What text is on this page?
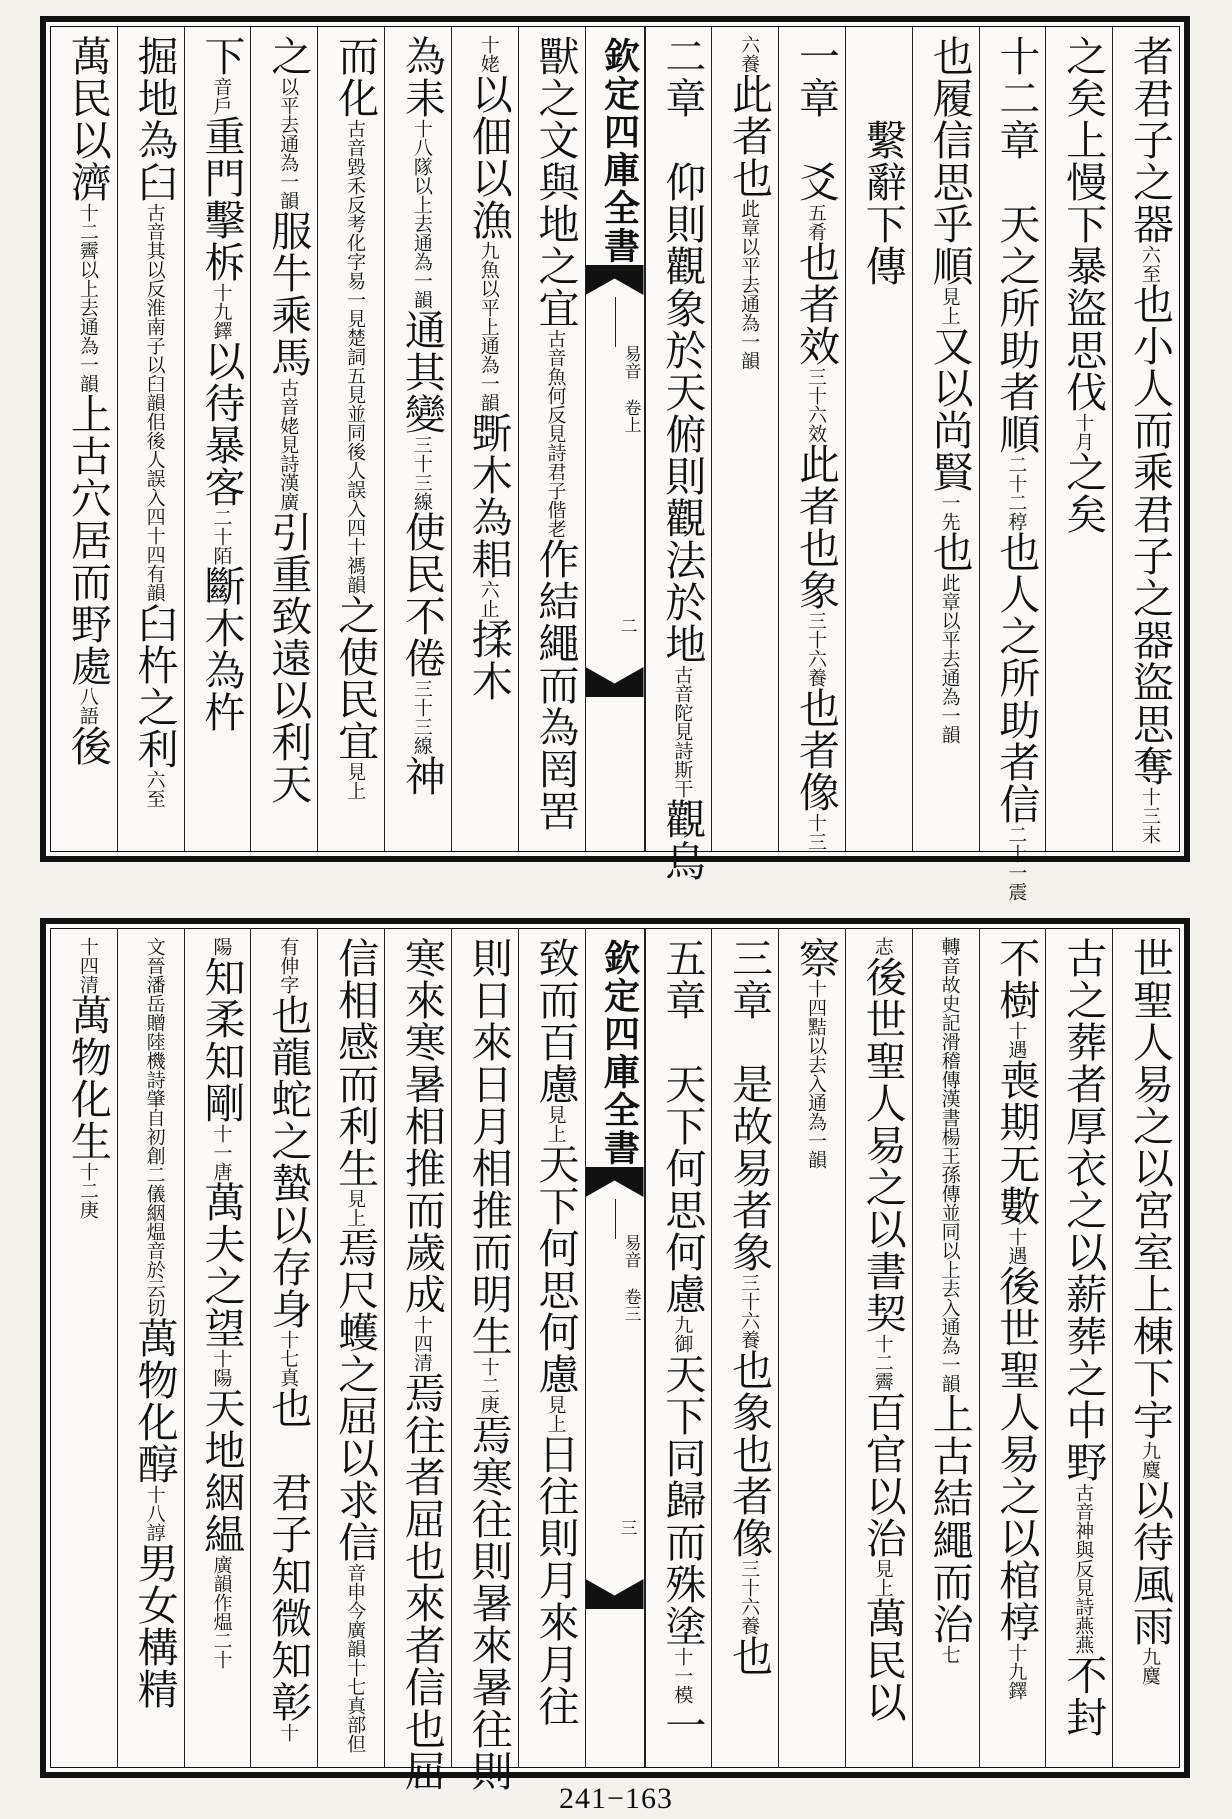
者君子之器六至也小人而乘君子之器盜思奪十三末
之矣上慢下暴盜思伐十月之矣
十二章　天之所助者順二十二稕也人之所助者信二十一震
也履信思乎順見上又以尚賢一先也此章以平去通為一韻
　　繫辭下傳
一章　爻五肴也者效三十六效此者也象三十六養也者像十三
六養此者也此章以平去通為一韻
二章　仰則觀象於天俯則觀法於地古音陀見詩斯干觀鳥
欽定四庫全書
易音 卷上
二
獸之文與地之宜古音魚何反見詩君子偕老作結繩而為罔罟
十姥以佃以漁九魚以平上通為一韻斲木為耜六止揉木
為耒十八隊以上去通為一韻通其變三十三線使民不倦三十三線神
而化古音毀禾反考化字易一見楚詞五見並同後人誤入四十禡韻之使民宜見上
之以平去通為一韻服牛乘馬古音姥見詩漢廣引重致遠以利天
下音戶重門擊柝十九鐸以待暴客二十陌斷木為杵
掘地為臼古音其以反淮南子以臼韻佀後人誤入四十四有韻臼杵之利六至
萬民以濟十二霽以上去通為一韻上古穴居而野處八語後
世聖人易之以宮室上棟下宇九麌以待風雨九麌
古之葬者厚衣之以薪葬之中野古音神與反見詩燕燕不封
不樹十遇喪期无數十遇後世聖人易之以棺椁十九鐸
轉音故史記滑稽傳漢書楊王孫傳並同以上去入通為一韻上古結繩而治七
志後世聖人易之以書契十二霽百官以治見上萬民以
察十四黠以去入通為一韻
三章　是故易者象三十六養也象也者像三十六養也
五章　天下何思何慮九御天下同歸而殊塗十一模一
欽定四庫全書
易音 卷三
三
致而百慮見上天下何思何慮見上日往則月來月往
則日來日月相推而明生十二庚焉寒往則暑來暑往則
寒來寒暑相推而歲成十四清焉往者屈也來者信也屈
信相感而利生見上焉尺蠖之屈以求信音申今廣韻十七真部但
有伸字也龍蛇之蟄以存身十七真也　君子知微知彰十
陽知柔知剛十一唐萬夫之望十陽天地絪緼廣韻作煴二十
文晉潘岳贈陸機詩肇自初創二儀絪煴音於云切萬物化醇十八諄男女構精
十四清萬物化生十二庚
241−163
